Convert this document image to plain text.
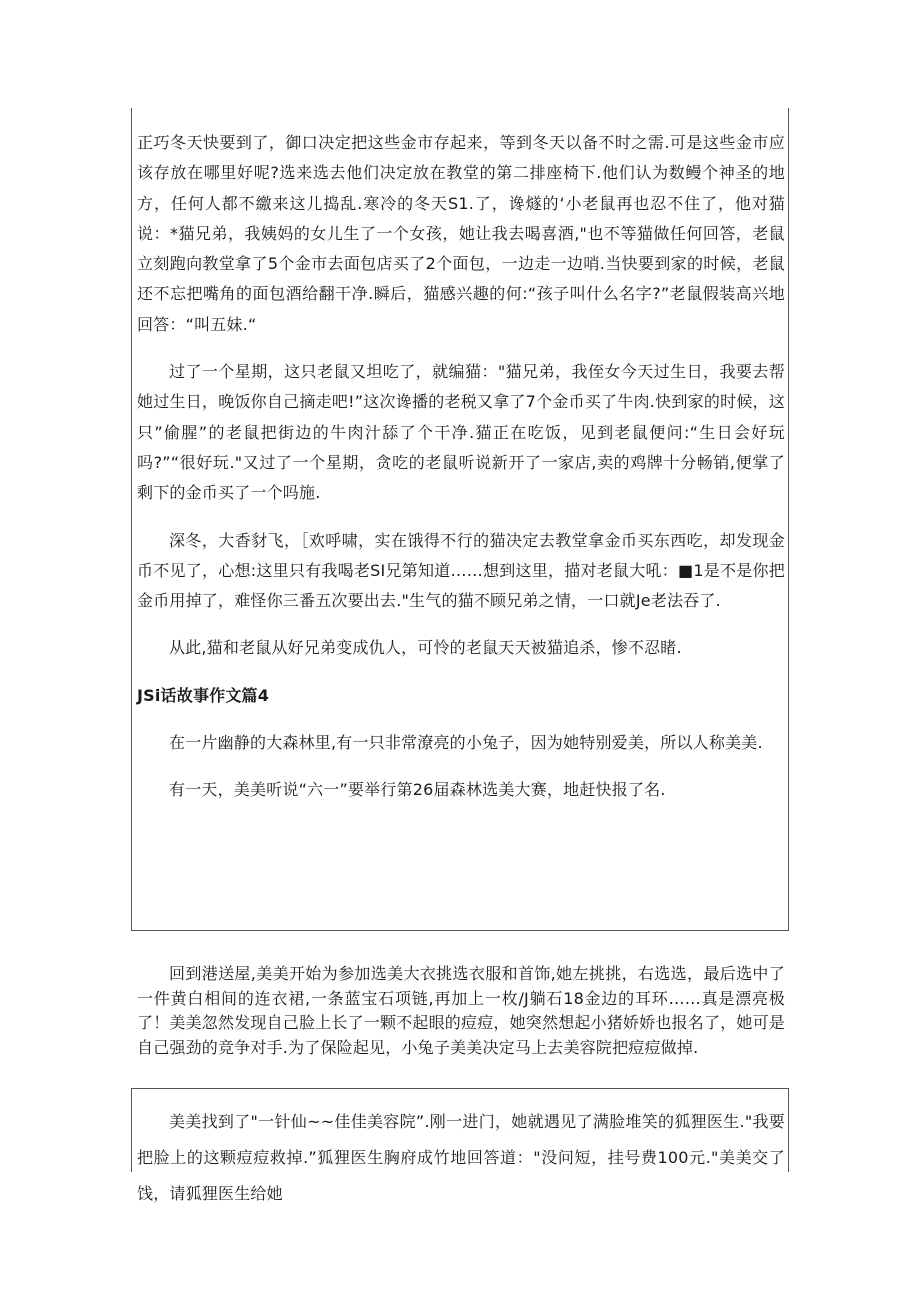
正巧冬天快要到了，御口决定把这些金市存起来，等到冬天以备不时之需.可是这些金市应该存放在哪里好呢?选来选去他们决定放在教堂的第二排座椅下.他们认为数鳗个神圣的地方，任何人都不繳来这儿捣乱.寒冷的冬天S1.了，谗燧的‘小老鼠再也忍不住了，他对猫说：*猫兄弟，我姨妈的女儿生了一个女孩，她让我去喝喜酒,"也不等猫做任何回答，老鼠立刻跑向教堂拿了5个金市去面包店买了2个面包，一边走一边哨.当快要到家的时候，老鼠还不忘把嘴角的面包酒给翻干净.瞬后，猫感兴趣的何:“孩子叫什么名字?”老鼠假装高兴地回答：“叫五妹.“

过了一个星期，这只老鼠又坦吃了，就编猫："猫兄弟，我侄女今天过生日，我要去帮她过生日，晚饭你自己摘走吧!”这次谗播的老税又拿了7个金币买了牛肉.快到家的时候，这只”偷腥”的老鼠把街边的牛肉汁舔了个干净.猫正在吃饭，见到老鼠便问:“生日会好玩吗?”“很好玩."又过了一个星期，贪吃的老鼠听说新开了一家店,卖的鸡牌十分畅销,便掌了剩下的金币买了一个吗施.

深冬，大香豺飞，［欢呼啸，实在饿得不行的猫决定去教堂拿金币买东西吃，却发现金币不见了，心想:这里只有我喝老SI兄第知道……想到这里，描对老鼠大吼：■1是不是你把金币用掉了，难怪你三番五次要出去."生气的猫不顾兄弟之情，一口就Je老法吞了.

从此,猫和老鼠从好兄弟变成仇人，可怜的老鼠天天被猫追杀，惨不忍睹.

JSi话故事作文篇4

在一片幽静的大森林里,有一只非常潦亮的小兔子，因为她特别爱美，所以人称美美.

有一天，美美听说“六一”要举行第26届森林选美大赛，地赶快报了名.

回到港送屋,美美开始为参加选美大衣挑选衣服和首饰,她左挑挑，右选选，最后选中了一件黄白相间的连衣裙,一条蓝宝石项链,再加上一枚/J躺石18金边的耳环……真是漂亮极了！美美忽然发现自己脸上长了一颗不起眼的痘痘，她突然想起小猪娇娇也报名了，她可是自己强劲的竞争对手.为了保险起见，小兔子美美决定马上去美容院把痘痘做掉.

美美找到了"一针仙~~佳佳美容院”.刚一进门，她就遇见了满脸堆笑的狐狸医生."我要把脸上的这颗痘痘救掉.”狐狸医生胸府成竹地回答道："没问短，挂号费100元."美美交了饯，请狐狸医生给她
